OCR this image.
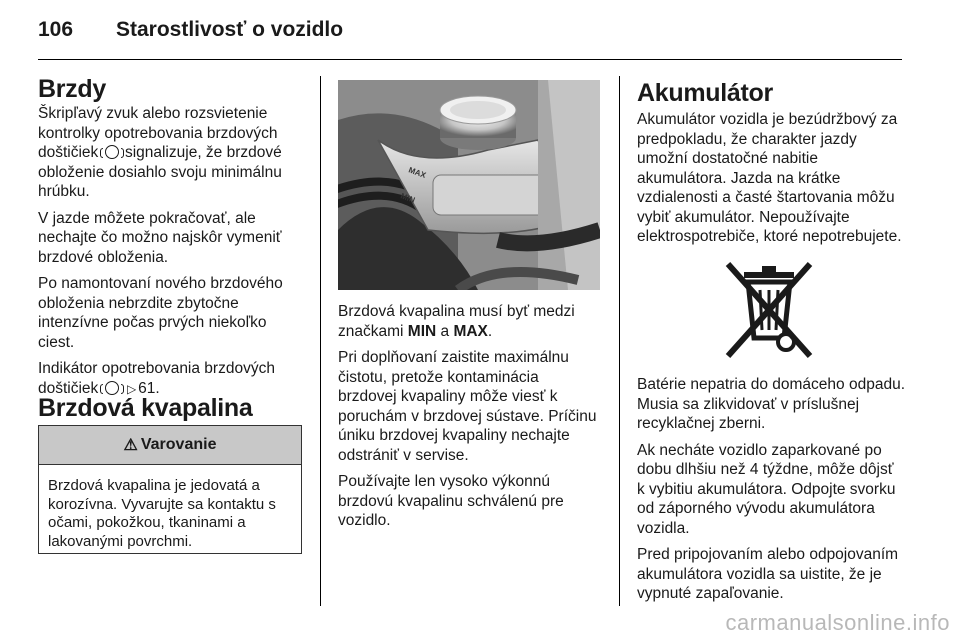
106 Starostlivosť o vozidlo
Brzdy

Škripľavý zvuk alebo rozsvietenie kontrolky opotrebovania brzdových doštičiek signalizuje, že brzdové obloženie dosiahlo svoju minimálnu hrúbku.

V jazde môžete pokračovať, ale nechajte čo možno najskôr vymeniť brzdové obloženia.

Po namontovaní nového brzdového obloženia nebrzdite zbytočne intenzívne počas prvých niekoľko ciest.

Indikátor opotrebovania brzdových doštičiek ▷ 61.

Brzdová kvapalina
⚠ Varovanie
Brzdová kvapalina je jedovatá a korozívna. Vyvarujte sa kontaktu s očami, pokožkou, tkaninami a lakovanými povrchmi.
MAX
MIN

Brzdová kvapalina musí byť medzi značkami MIN a MAX.

Pri doplňovaní zaistite maximálnu čistotu, pretože kontaminácia brzdovej kvapaliny môže viesť k poruchám v brzdovej sústave. Príčinu úniku brzdovej kvapaliny nechajte odstrániť v servise.

Používajte len vysoko výkonnú brzdovú kvapalinu schválenú pre vozidlo.

Akumulátor

Akumulátor vozidla je bezúdržbový za predpokladu, že charakter jazdy umožní dostatočné nabitie akumulátora. Jazda na krátke vzdialenosti a časté štartovania môžu vybiť akumulátor. Nepoužívajte elektrospotrebiče, ktoré nepotrebujete.

Batérie nepatria do domáceho odpadu. Musia sa zlikvidovať v príslušnej recyklačnej zberni.

Ak necháte vozidlo zaparkované po dobu dlhšiu než 4 týždne, môže dôjsť k vybitiu akumulátora. Odpojte svorku od záporného vývodu akumulátora vozidla.

Pred pripojovaním alebo odpojovaním akumulátora vozidla sa uistite, že je vypnuté zapaľovanie.

carmanualsonline.info
